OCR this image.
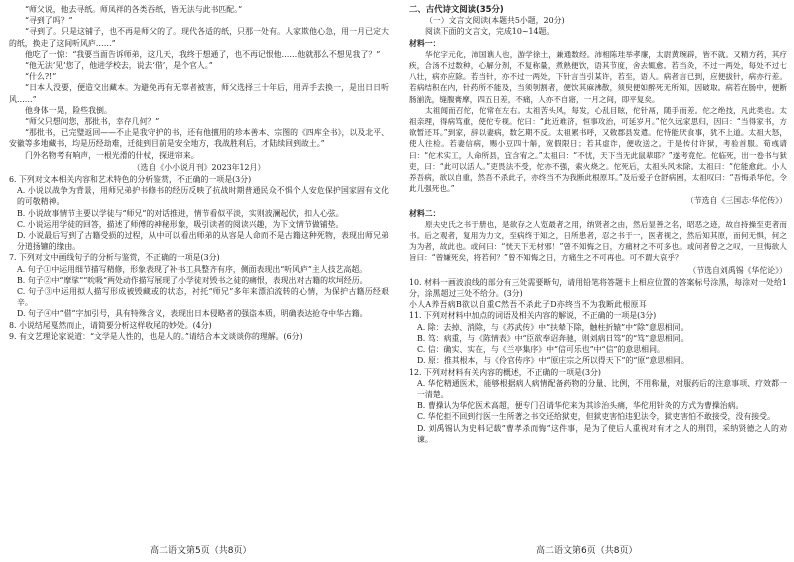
“师父说，他去寻纸。师凤祥的各类吞纸，皆无法与此书匹配。”

“寻到了吗？”

“寻到了。只是这铺子，也不再是师父的了。现代各适的纸，只那一处有。人家欺他心急，用一月已定大的纸，换走了这间听风庐……”

他吃了一惊：“我要当面告诉师弟，这几天，我终于想通了，也不再记恨他……他就那么不想见我了？”

“他无法‘见’您了，他进学校去，说去‘借’，是个官人。”

“什么?!”

“日本人没要，便造交出藏本。为避免再有无辜者被害，师父选择三十年后，用弄手去换一，是出日日听风……”

他身体一晃，险些我倒。

“师父只想问您，那批书，幸存几何？”

“那批书，已完璧返回——不止是我守护的书，还有他擅用的珍本善本、宗图的《四库全书》，以及北平、安徽等多地藏书，均是历经劫难，迁徙到目前是安全地方，我战胜利后，才陆续回到故土。”

门外名物考有响声，一根光滑的什杖，探进帘来。

（选自《小小说月刊》2023年12月）

6. 下列对文本相关内容和艺术特色的分析鉴赏，不正确的一项是(3分)

A. 小说以战争为背景，用师兄弟护书修书的经历反映了抗战时期普通民众不惧个人安危保护国家固有文化的可敬精神。

B. 小说故事情节主要以学徒与“师兄”的对话推进，情节看似平淡，实则波澜起伏，扣人心弦。

C. 小说运用学徒的回答，描述了师傅的神秘形象，吸引读者的阅读兴趣，为下文情节做铺垫。

D. 小说最后写到了古籍受损的过程，从中可以看出师弟的从容是人命而不是古籍这种死物，表现出师兄弟分道扬镳的缘由。

7. 下列对文中画线句子的分析与鉴赏，不正确的一项是(3分)

A. 句子①中运用细节描写精修，形象表现了补书工具整齐有序，侧面表现出“听风庐”主人技艺高超。

B. 句子②中“摩挲”“吮吸”两处动作描写展现了小学徒对毁书之徒的痛恨，表现出对古籍的坎坷经历。

C. 句子③中运用拟人描写形成被毁藏或的状态，衬托“师兄”多年来漂泊流转的心情，为保护古籍历经艰辛。

D. 句子④中“借”字加引号，具有特殊含义，表现出日本侵略者的强盗本质，明确表达抢夺中华古籍。

8. 小说结尾戛然而止，请简要分析这样收尾的妙处。(4分)

9. 有文艺理论家说道：“文学是人性的，也是人的。”请结合本文谈谈你的理解。(6分)

二、古代诗文阅读(35分)

（一）文言文阅读(本题共5小题，20分)

阅读下面的文言文，完成10~14题。

材料一：

华佗字元化，沛国谯人也，游学徐土，兼通数经。沛相陈珪举孝廉，太尉黄琬辟，皆不就。又精方药，其疗疾，合汤不过数种，心解分剂，不复称量，煮熟便饮，语其节度，舍去辄愈。若当灸，不过一两处，每处不过七八壮，病亦应除。若当针，亦不过一两处，下针言当引某许，若至，语人。病者言已到，应便拔针，病亦行差。若病结积在内，针药所不能及，当须刳割者，便饮其麻沸散，须臾便如醉死无所知，因破取。病若在肠中，便断肠湔洗，缝腹膏摩，四五日差，不痛，人亦不自寤，一月之间，即平复矣。

太祖闻而召佗，佗常在左右。太祖苦头风，每发，心乱目眩，佗针鬲，随手而差。佗之绝技，凡此类也。太祖亲理，得病笃重，使佗专视。佗曰：“此近难济，恒事攻治，可延岁月。”佗久远家思归，因曰：“当得家书，方欲暂还耳。”到家，辞以妻病，数乞期不反。太祖累书呼，又敕郡县发遣。佗恃能厌食事，犹不上道。太祖大怒，使人往检。若妻信病，赐小豆四十斛，宽假限日；若其虚诈，便收送之。于是传付许狱，考验首服。荀彧请曰：“佗术实工，人命所县，宜含宥之。”太祖曰：“不忧，天下当无此鼠辈耶？”遂考竟佗。佗临死，出一卷书与狱吏，曰：“此可以活人。”吏畏法不受，佗亦不强，索火烧之。佗死后，太祖头风未除。太祖曰：“佗能愈此。小人养吾病，欲以自重，然吾不杀此子，亦终当不为我断此根原耳。”及后爱子仓舒病困，太祖叹曰：“吾悔杀华佗，令此儿强死也。”

（节选自《三国志·华佗传》）

材料二：

原夫史氏之书于册也，是欲存之人览最者之用，纳贤者之由，然后显善之名，昭恶之迹，故自持操至吏者而书。后之观者，复用为力文，至病终于知之，日所患者，忍之书于一，医者视之，然后知其原，而何无惧，何之为为者，故此也。或问曰：“恍天下无材邪！”曾不知悔之日，方痛材之不可多也。或问者曾之之叹，一旦悔欲人旨曰：“曾嫌死矣，将若何？”曾不知悔之日，方痛生之不可再也。可不谓大哀乎？

（节选自刘禹锡《华佗论》）

10. 材料一画波浪线的部分有三处需要断句，请用铅笔将答题卡上相应位置的答案标号涂黑，每涂对一处给1分，涂黑超过三处不给分。(3分)

小人A养吾病B欲以自重C然吾不杀此子D亦终当不为我断此根原耳

11. 下列对材料中加点的词语及相关内容的解说，不正确的一项是(3分)

A. 除：去掉、消除，与《苏武传》中“扶辇下除，触柱折辕”中“除”意思相同。

B. 笃：病重，与《陈情表》中“臣欲奉诏奔驰，则刘病日笃”的“笃”意思相同。

C. 信：确实、实在，与《兰亭集序》中“信可乐也”中“信”的意思相同。

D. 原：推其根本，与《伶官传序》中“原庄宗之所以得天下”的“原”意思相同。

12. 下列对材料有关内容的概述，不正确的一项是(3分)

A. 华佗精通医术，能够根据病人病情配备药物的分量、比例，不用称量，对服药后的注意事项、疗效都一一清楚。

B. 曹操认为华佗医术高超，便专门召请华佗来为其诊治头痛，华佗用针灸的方式为曹操治病。

C. 华佗拒不回到行医一生所著之书交还给狱吏，但狱吏害怕违犯法令，狱吏害怕不敢接受，没有接受。

D. 刘禹锡认为史料记载“曹孝杀而悔”这件事，是为了使后人重视对有才之人的刑罚，采纳贤德之人的劝谏。

高二语文第5页（共8页）	高二语文第6页（共8页）
